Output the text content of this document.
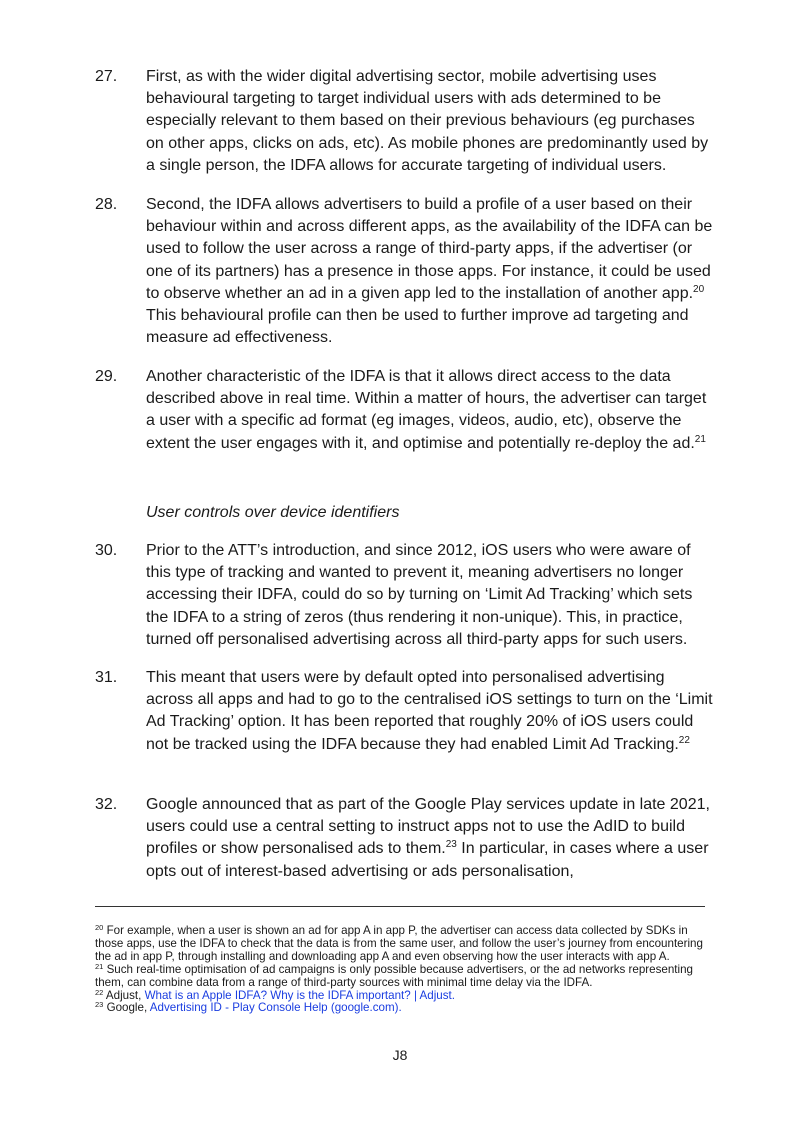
27.	First, as with the wider digital advertising sector, mobile advertising uses behavioural targeting to target individual users with ads determined to be especially relevant to them based on their previous behaviours (eg purchases on other apps, clicks on ads, etc). As mobile phones are predominantly used by a single person, the IDFA allows for accurate targeting of individual users.
28.	Second, the IDFA allows advertisers to build a profile of a user based on their behaviour within and across different apps, as the availability of the IDFA can be used to follow the user across a range of third-party apps, if the advertiser (or one of its partners) has a presence in those apps. For instance, it could be used to observe whether an ad in a given app led to the installation of another app.$^{20}$ This behavioural profile can then be used to further improve ad targeting and measure ad effectiveness.
29.	Another characteristic of the IDFA is that it allows direct access to the data described above in real time. Within a matter of hours, the advertiser can target a user with a specific ad format (eg images, videos, audio, etc), observe the extent the user engages with it, and optimise and potentially re-deploy the ad.$^{21}$
User controls over device identifiers
30.	Prior to the ATT’s introduction, and since 2012, iOS users who were aware of this type of tracking and wanted to prevent it, meaning advertisers no longer accessing their IDFA, could do so by turning on ‘Limit Ad Tracking’ which sets the IDFA to a string of zeros (thus rendering it non-unique). This, in practice, turned off personalised advertising across all third-party apps for such users.
31.	This meant that users were by default opted into personalised advertising across all apps and had to go to the centralised iOS settings to turn on the ‘Limit Ad Tracking’ option. It has been reported that roughly 20% of iOS users could not be tracked using the IDFA because they had enabled Limit Ad Tracking.$^{22}$
32.	Google announced that as part of the Google Play services update in late 2021, users could use a central setting to instruct apps not to use the AdID to build profiles or show personalised ads to them.$^{23}$ In particular, in cases where a user opts out of interest-based advertising or ads personalisation,

$^{20}$ For example, when a user is shown an ad for app A in app P, the advertiser can access data collected by SDKs in those apps, use the IDFA to check that the data is from the same user, and follow the user’s journey from encountering the ad in app P, through installing and downloading app A and even observing how the user interacts with app A.

$^{21}$ Such real-time optimisation of ad campaigns is only possible because advertisers, or the ad networks representing them, can combine data from a range of third-party sources with minimal time delay via the IDFA.

$^{22}$ Adjust, What is an Apple IDFA? Why is the IDFA important? | Adjust.

$^{23}$ Google, Advertising ID - Play Console Help (google.com).

J8
